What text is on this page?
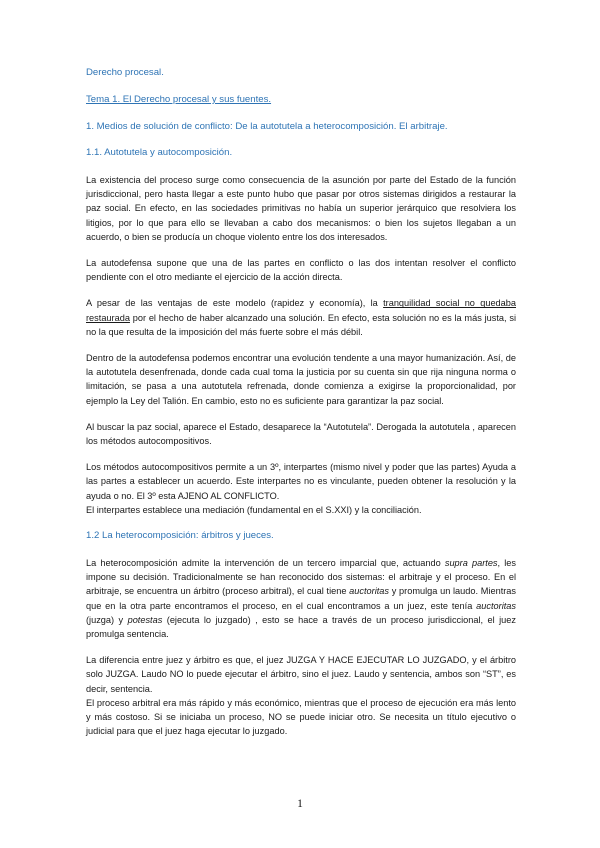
Derecho procesal.

Tema 1. El Derecho procesal y sus fuentes.

1. Medios de solución de conflicto: De la autotutela a heterocomposición. El arbitraje.

1.1. Autotutela y autocomposición.

La existencia del proceso surge como consecuencia de la asunción por parte del Estado de la función jurisdiccional, pero hasta llegar a este punto hubo que pasar por otros sistemas dirigidos a restaurar la paz social. En efecto, en las sociedades primitivas no había un superior jerárquico que resolviera los litigios, por lo que para ello se llevaban a cabo dos mecanismos: o bien los sujetos llegaban a un acuerdo, o bien se producía un choque violento entre los dos interesados.

La autodefensa supone que una de las partes en conflicto o las dos intentan resolver el conflicto pendiente con el otro mediante el ejercicio de la acción directa.

A pesar de las ventajas de este modelo (rapidez y economía), la tranquilidad social no quedaba restaurada por el hecho de haber alcanzado una solución. En efecto, esta solución no es la más justa, si no la que resulta de la imposición del más fuerte sobre el más débil.

Dentro de la autodefensa podemos encontrar una evolución tendente a una mayor humanización. Así, de la autotutela desenfrenada, donde cada cual toma la justicia por su cuenta sin que rija ninguna norma o limitación, se pasa a una autotutela refrenada, donde comienza a exigirse la proporcionalidad, por ejemplo la Ley del Talión. En cambio, esto no es suficiente para garantizar la paz social.

Al buscar la paz social, aparece el Estado, desaparece la “Autotutela”. Derogada la autotutela , aparecen los métodos autocompositivos.

Los métodos autocompositivos permite a un 3º, interpartes (mismo nivel y poder que las partes) Ayuda a las partes a establecer un acuerdo. Este interpartes no es vinculante, pueden obtener la resolución y la ayuda o no. El 3º esta AJENO AL CONFLICTO.

El interpartes establece una mediación (fundamental en el S.XXI) y la conciliación.

1.2 La heterocomposición: árbitros y jueces.

La heterocomposición admite la intervención de un tercero imparcial que, actuando supra partes, les impone su decisión. Tradicionalmente se han reconocido dos sistemas: el arbitraje y el proceso. En el arbitraje, se encuentra un árbitro (proceso arbitral), el cual tiene auctoritas y promulga un laudo. Mientras que en la otra parte encontramos el proceso, en el cual encontramos a un juez, este tenía auctoritas (juzga) y potestas (ejecuta lo juzgado) , esto se hace a través de un proceso jurisdiccional, el juez promulga sentencia.

La diferencia entre juez y árbitro es que, el juez JUZGA Y HACE EJECUTAR LO JUZGADO, y el árbitro solo JUZGA. Laudo NO lo puede ejecutar el árbitro, sino el juez. Laudo y sentencia, ambos son “ST”, es decir, sentencia.

El proceso arbitral era más rápido y más económico, mientras que el proceso de ejecución era más lento y más costoso. Si se iniciaba un proceso, NO se puede iniciar otro. Se necesita un título ejecutivo o judicial para que el juez haga ejecutar lo juzgado.

1
